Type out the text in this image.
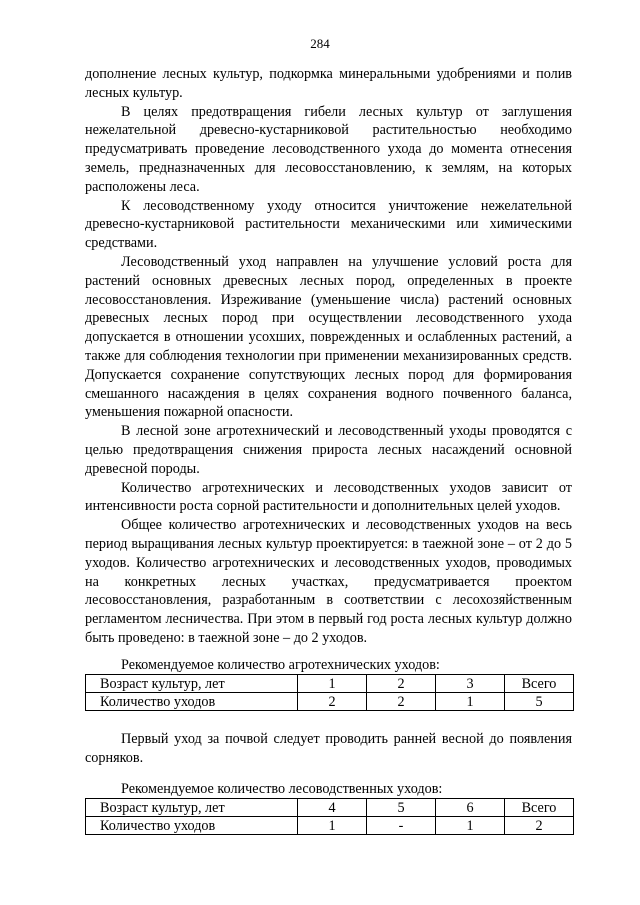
284

дополнение лесных культур, подкормка минеральными удобрениями и полив лесных культур.

В целях предотвращения гибели лесных культур от заглушения нежелательной древесно-кустарниковой растительностью необходимо предусматривать проведение лесоводственного ухода до момента отнесения земель, предназначенных для лесовосстановлению, к землям, на которых расположены леса.

К лесоводственному уходу относится уничтожение нежелательной древесно-кустарниковой растительности механическими или химическими средствами.

Лесоводственный уход направлен на улучшение условий роста для растений основных древесных лесных пород, определенных в проекте лесовосстановления. Изреживание (уменьшение числа) растений основных древесных лесных пород при осуществлении лесоводственного ухода допускается в отношении усохших, поврежденных и ослабленных растений, а также для соблюдения технологии при применении механизированных средств. Допускается сохранение сопутствующих лесных пород для формирования смешанного насаждения в целях сохранения водного почвенного баланса, уменьшения пожарной опасности.

В лесной зоне агротехнический и лесоводственный уходы проводятся с целью предотвращения снижения прироста лесных насаждений основной древесной породы.

Количество агротехнических и лесоводственных уходов зависит от интенсивности роста сорной растительности и дополнительных целей уходов.

Общее количество агротехнических и лесоводственных уходов на весь период выращивания лесных культур проектируется: в таежной зоне – от 2 до 5 уходов. Количество агротехнических и лесоводственных уходов, проводимых на конкретных лесных участках, предусматривается проектом лесовосстановления, разработанным в соответствии с лесохозяйственным регламентом лесничества. При этом в первый год роста лесных культур должно быть проведено: в таежной зоне – до 2 уходов.

Рекомендуемое количество агротехнических уходов:
Возраст культур, лет	1	2	3	Всего
Количество уходов	2	2	1	5

Первый уход за почвой следует проводить ранней весной до появления сорняков.

Рекомендуемое количество лесоводственных уходов:
Возраст культур, лет	4	5	6	Всего
Количество уходов	1	-	1	2
